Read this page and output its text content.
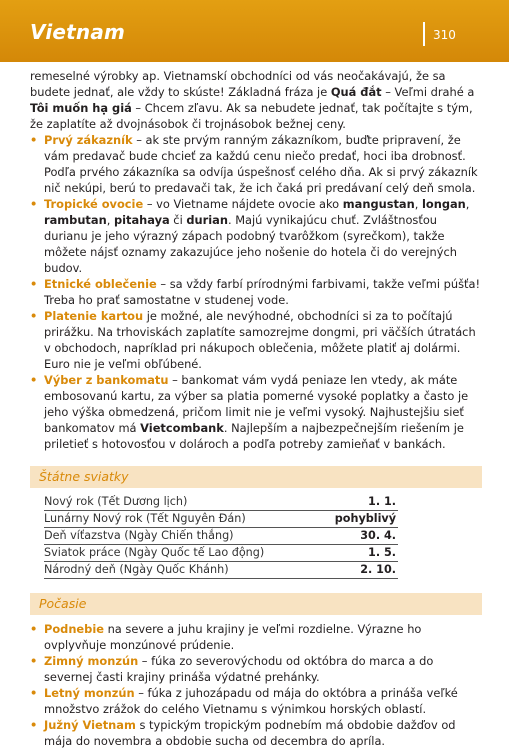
Vietnam	310

remeselné výrobky ap. Vietnamskí obchodníci od vás neočakávajú, že sa budete jednať, ale vždy to skúste! Základná fráza je Quá đắt – Veľmi drahé a Tôi muốn hạ giá – Chcem zľavu. Ak sa nebudete jednať, tak počítajte s tým, že zaplatíte až dvojnásobok či trojnásobok bežnej ceny.

• Prvý zákazník – ak ste prvým ranným zákazníkom, buďte pripravení, že vám predavač bude chcieť za každú cenu niečo predať, hoci iba drobnosť. Podľa prvého zákazníka sa odvíja úspešnosť celého dňa. Ak si prvý zákazník nič nekúpi, berú to predavači tak, že ich čaká pri predávaní celý deň smola.
• Tropické ovocie – vo Vietname nájdete ovocie ako mangustan, longan, rambutan, pitahaya či durian. Majú vynikajúcu chuť. Zvláštnosťou durianu je jeho výrazný zápach podobný tvarôžkom (syrečkom), takže môžete nájsť oznamy zakazujúce jeho nošenie do hotela či do verejných budov.
• Etnické oblečenie – sa vždy farbí prírodnými farbivami, takže veľmi púšťa! Treba ho prať samostatne v studenej vode.
• Platenie kartou je možné, ale nevýhodné, obchodníci si za to počítajú prirážku. Na trhoviskách zaplatíte samozrejme dongmi, pri väčších útratách v obchodoch, napríklad pri nákupoch oblečenia, môžete platiť aj dolármi. Euro nie je veľmi obľúbené.
• Výber z bankomatu – bankomat vám vydá peniaze len vtedy, ak máte embosovanú kartu, za výber sa platia pomerné vysoké poplatky a často je jeho výška obmedzená, pričom limit nie je veľmi vysoký. Najhustejšiu sieť bankomatov má Vietcombank. Najlepším a najbezpečnejším riešením je priletieť s hotovosťou v dolároch a podľa potreby zamieňať v bankách.
Štátne sviatky
Nový rok (Tết Dương lịch)	1. 1.
Lunárny Nový rok (Tết Nguyên Đán)	pohyblivý
Deň víťazstva (Ngày Chiến thắng)	30. 4.
Sviatok práce (Ngày Quốc tế Lao động)	1. 5.
Národný deň (Ngày Quốc Khánh)	2. 10.
Počasie
• Podnebie na severe a juhu krajiny je veľmi rozdielne. Výrazne ho ovplyvňuje monzúnové prúdenie.
• Zimný monzún – fúka zo severovýchodu od októbra do marca a do severnej časti krajiny prináša výdatné prehánky.
• Letný monzún – fúka z juhozápadu od mája do októbra a prináša veľké množstvo zrážok do celého Vietnamu s výnimkou horských oblastí.
• Južný Vietnam s typickým tropickým podnebím má obdobie dažďov od mája do novembra a obdobie sucha od decembra do apríla.
